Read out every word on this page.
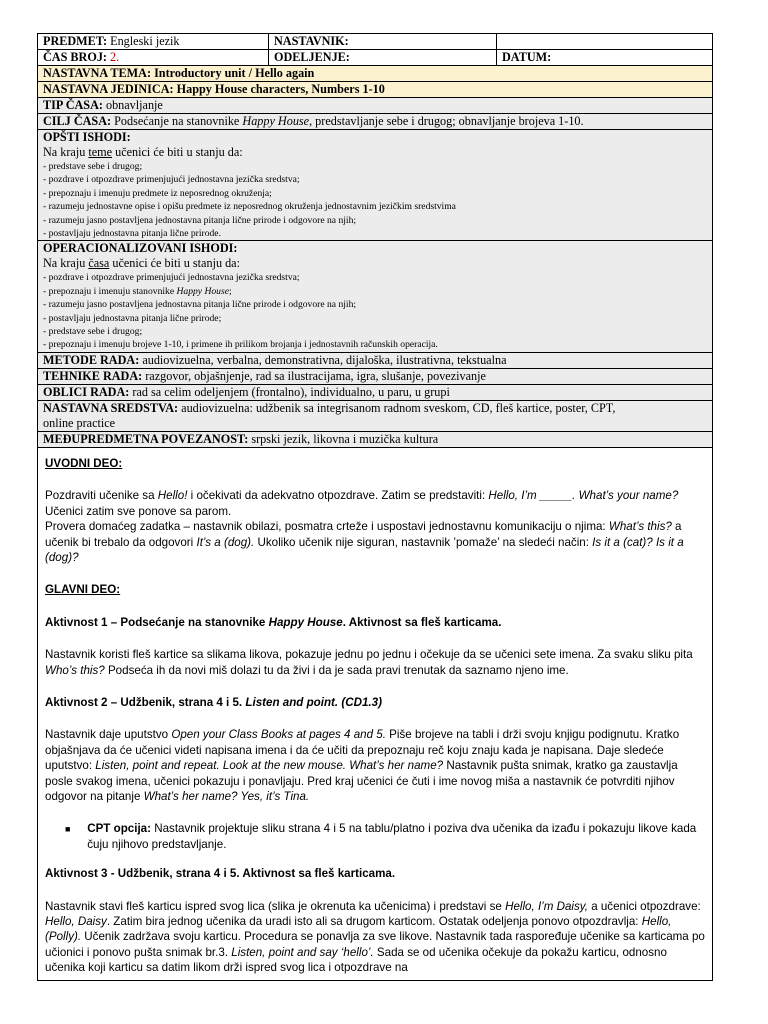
PREDMET: Engleski jezik	NASTAVNIK:
ČAS BROJ: 2.	ODELJENJE:	DATUM:
NASTAVNA TEMA: Introductory unit / Hello again
NASTAVNA JEDINICA: Happy House characters, Numbers 1-10
TIP ČASA: obnavljanje
CILJ ČASA: Podsećanje na stanovnike Happy House, predstavljanje sebe i drugog; obnavljanje brojeva 1-10.
OPŠTI ISHODI:
Na kraju teme učenici će biti u stanju da:
- predstave sebe i drugog;
- pozdrave i otpozdrave primenjujući jednostavna jezička sredstva;
- prepoznaju i imenuju predmete iz neposrednog okruženja;
- razumeju jednostavne opise i opišu predmete iz neposrednog okruženja jednostavnim jezičkim sredstvima
- razumeju jasno postavljena jednostavna pitanja lične prirode i odgovore na njih;
- postavljaju jednostavna pitanja lične prirode.
OPERACIONALIZOVANI ISHODI:
Na kraju časa učenici će biti u stanju da:
- pozdrave i otpozdrave primenjujući jednostavna jezička sredstva;
- prepoznaju i imenuju stanovnike Happy House;
- razumeju jasno postavljena jednostavna pitanja lične prirode i odgovore na njih;
- postavljaju jednostavna pitanja lične prirode;
- predstave sebe i drugog;
- prepoznaju i imenuju brojeve 1-10, i primene ih prilikom brojanja i jednostavnih računskih operacija.
METODE RADA: audiovizuelna, verbalna, demonstrativna, dijaloška, ilustrativna, tekstualna
TEHNIKE RADA: razgovor, objašnjenje, rad sa ilustracijama, igra, slušanje, povezivanje
OBLICI RADA: rad sa celim odeljenjem (frontalno), individualno, u paru, u grupi
NASTAVNA SREDSTVA: audiovizuelna: udžbenik sa integrisanom radnom sveskom, CD, fleš kartice, poster, CPT,
online practice
MEĐUPREDMETNA POVEZANOST: srpski jezik, likovna i muzička kultura

UVODNI DEO:

Pozdraviti učenike sa Hello! i očekivati da adekvatno otpozdrave. Zatim se predstaviti: Hello, I’m _____. What’s your name? Učenici zatim sve ponove sa parom.

Provera domaćeg zadatka – nastavnik obilazi, posmatra crteže i uspostavi jednostavnu komunikaciju o njima: What’s this? a učenik bi trebalo da odgovori It’s a (dog). Ukoliko učenik nije siguran, nastavnik ’pomaže’ na sledeći način: Is it a (cat)? Is it a (dog)?

GLAVNI DEO:

Aktivnost 1 – Podsećanje na stanovnike Happy House. Aktivnost sa fleš karticama.

Nastavnik koristi fleš kartice sa slikama likova, pokazuje jednu po jednu i očekuje da se učenici sete imena. Za svaku sliku pita Who’s this? Podseća ih da novi miš dolazi tu da živi i da je sada pravi trenutak da saznamo njeno ime.

Aktivnost 2 – Udžbenik, strana 4 i 5. Listen and point. (CD1.3)

Nastavnik daje uputstvo Open your Class Books at pages 4 and 5. Piše brojeve na tabli i drži svoju knjigu podignutu. Kratko objašnjava da će učenici videti napisana imena i da će učiti da prepoznaju reč koju znaju kada je napisana. Daje sledeće uputstvo: Listen, point and repeat. Look at the new mouse. What’s her name? Nastavnik pušta snimak, kratko ga zaustavlja posle svakog imena, učenici pokazuju i ponavljaju. Pred kraj učenici će čuti i ime novog miša a nastavnik će potvrditi njihov odgovor na pitanje What’s her name? Yes, it’s Tina.

■	CPT opcija: Nastavnik projektuje sliku strana 4 i 5 na tablu/platno i poziva dva učenika da izađu i pokazuju likove kada čuju njihovo predstavljanje.

Aktivnost 3 - Udžbenik, strana 4 i 5. Aktivnost sa fleš karticama.

Nastavnik stavi fleš karticu ispred svog lica (slika je okrenuta ka učenicima) i predstavi se Hello, I’m Daisy, a učenici otpozdrave: Hello, Daisy. Zatim bira jednog učenika da uradi isto ali sa drugom karticom. Ostatak odeljenja ponovo otpozdravlja: Hello, (Polly). Učenik zadržava svoju karticu. Procedura se ponavlja za sve likove. Nastavnik tada raspoređuje učenike sa karticama po učionici i ponovo pušta snimak br.3. Listen, point and say ‘hello’. Sada se od učenika očekuje da pokažu karticu, odnosno učenika koji karticu sa datim likom drži ispred svog lica i otpozdrave na
